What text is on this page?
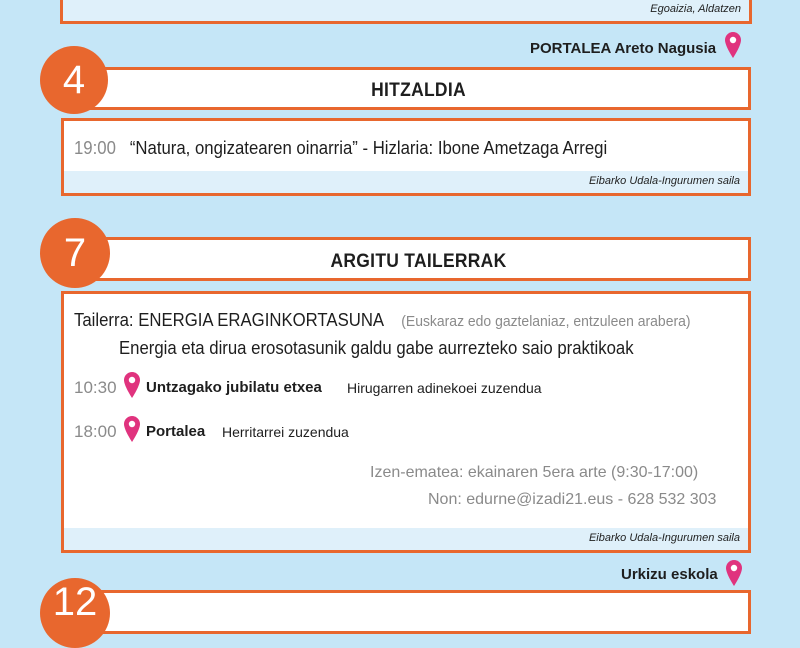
Egoaizia, Aldatzen
PORTALEA Areto Nagusia
HITZALDIA
4
19:00 “Natura, ongizatearen oinarria” - Hizlaria: Ibone Ametzaga Arregi
Eibarko Udala-Ingurumen saila
ARGITU TAILERRAK
7
Tailerra: ENERGIA ERAGINKORTASUNA (Euskaraz edo gaztelaniaz, entzuleen arabera)
Energia eta dirua erosotasunik galdu gabe aurrezteko saio praktikoak
10:30 Untzagako jubilatu etxea Hirugarren adinekoei zuzendua
18:00 Portalea Herritarrei zuzendua
Izen-ematea: ekainaren 5era arte (9:30-17:00)
Non: edurne@izadi21.eus - 628 532 303
Eibarko Udala-Ingurumen saila
Urkizu eskola
12
